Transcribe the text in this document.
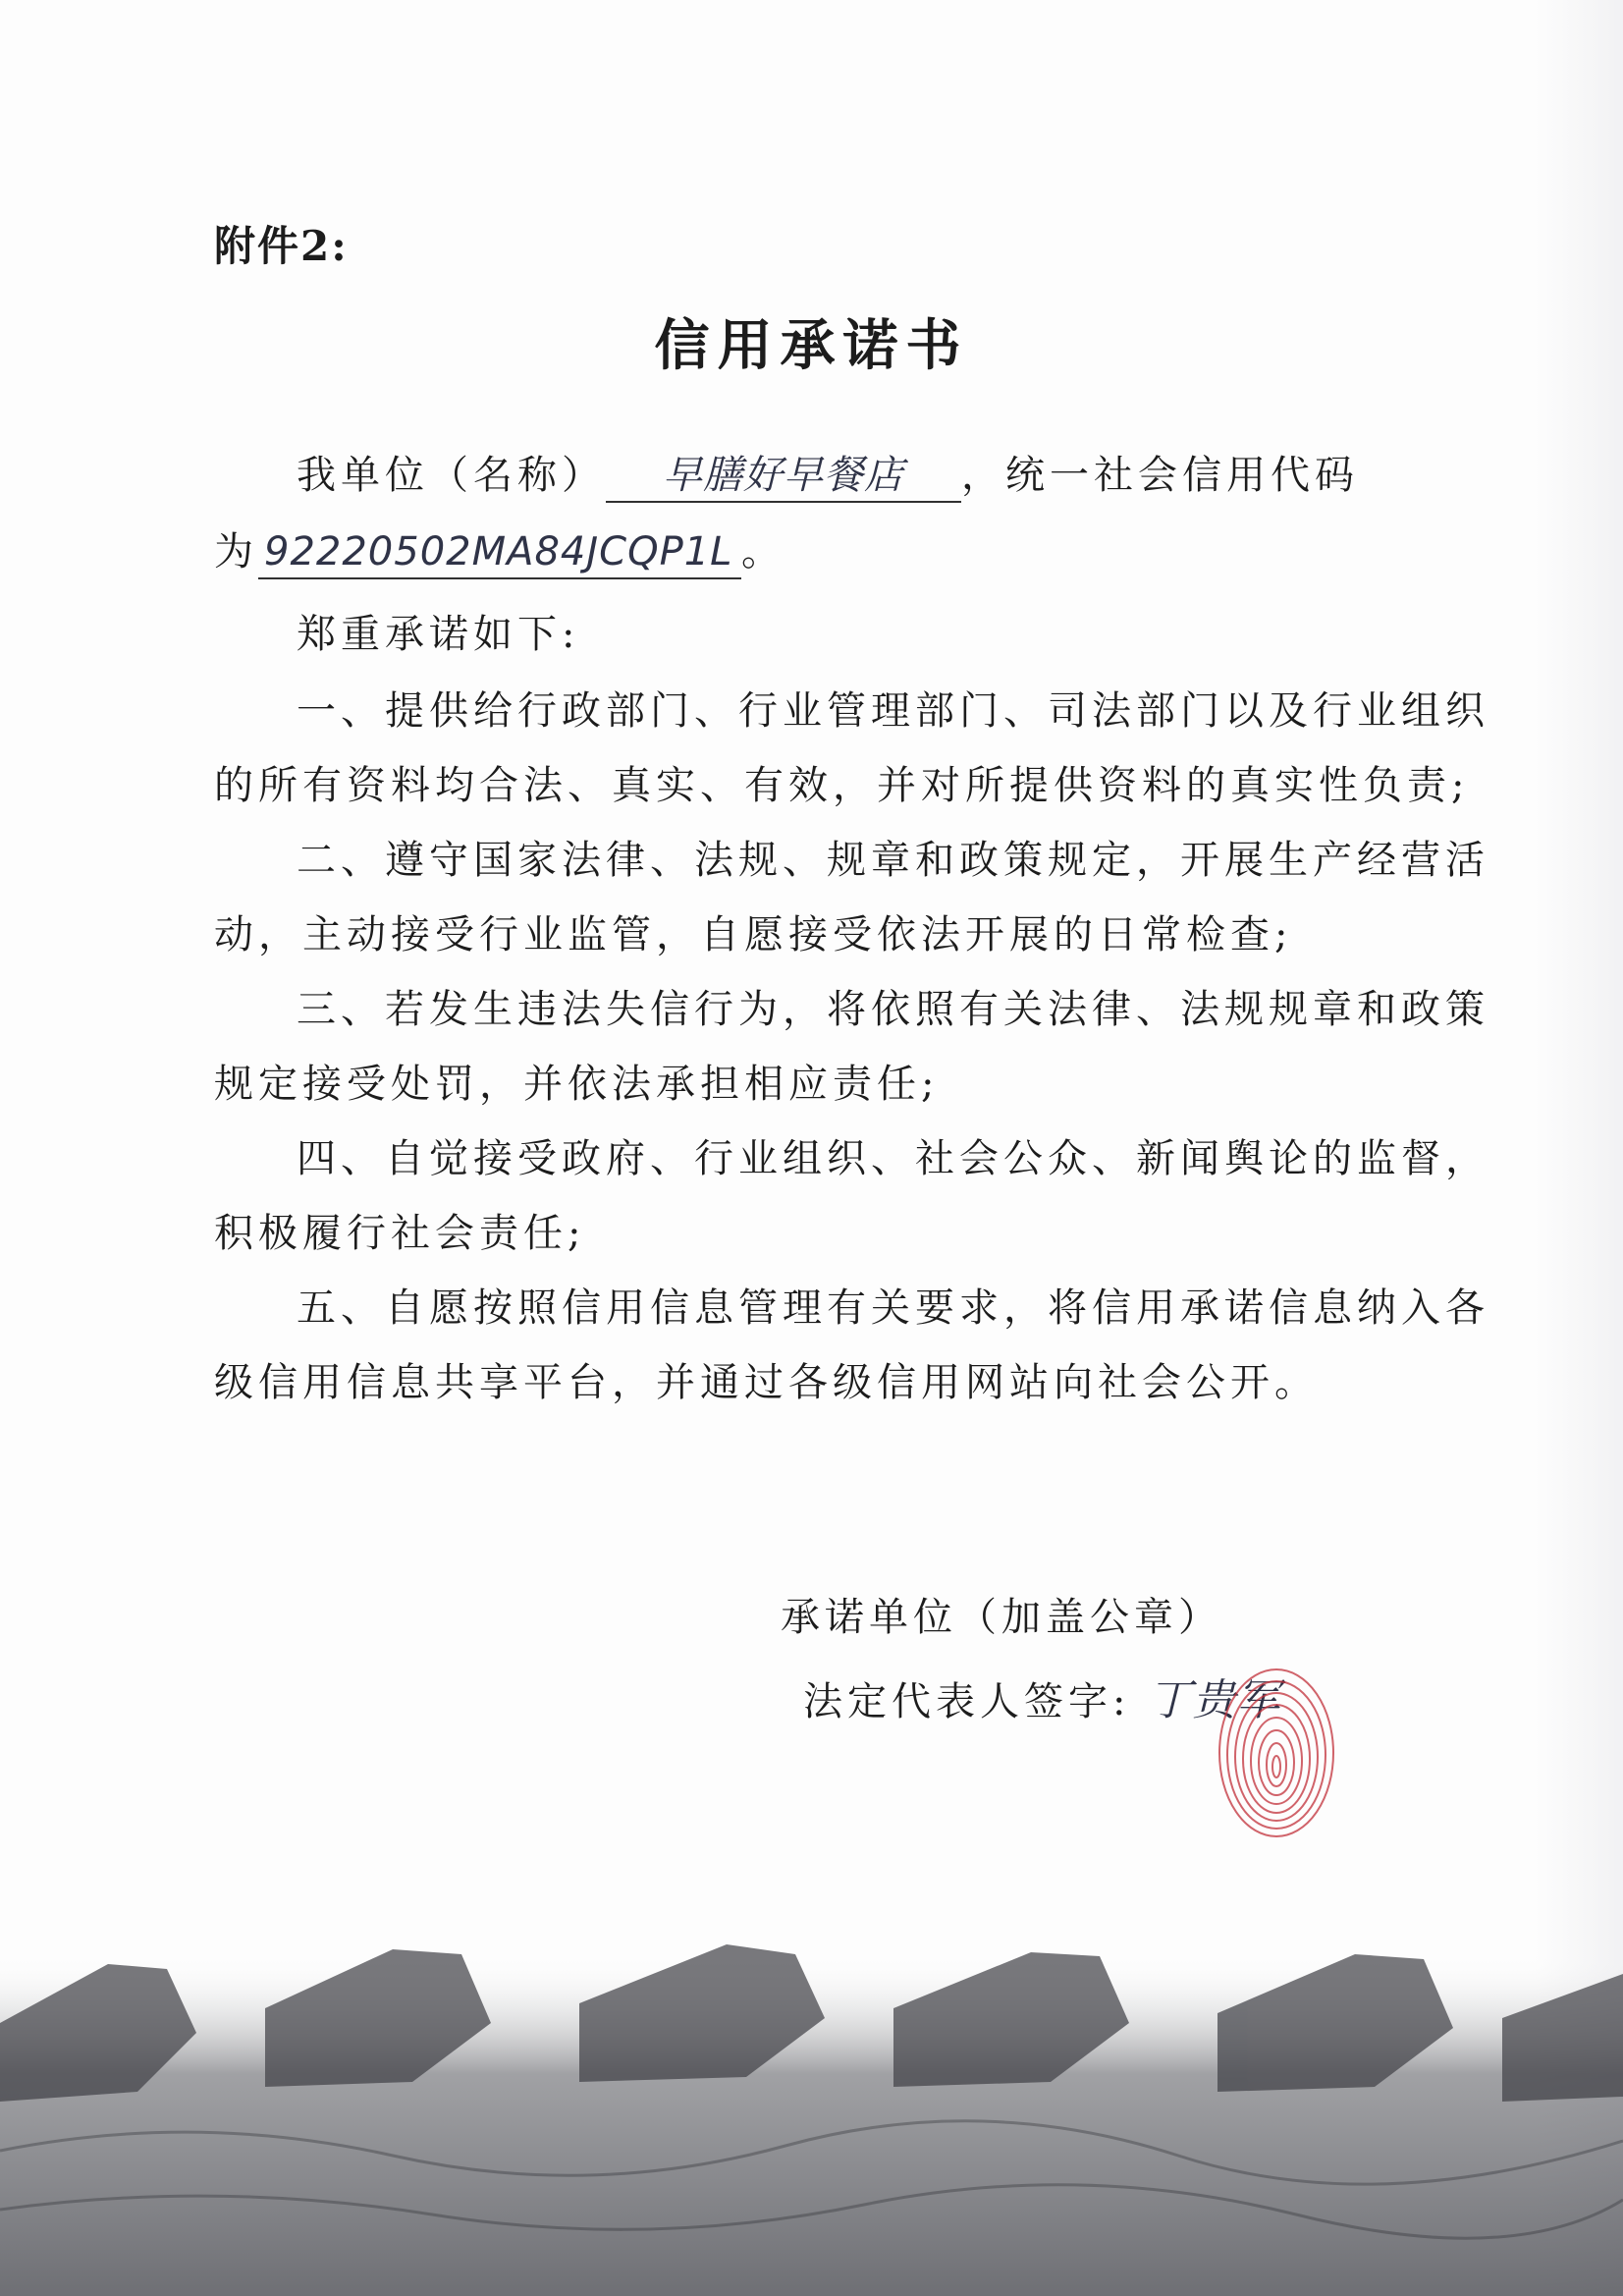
附件2:
信用承诺书
我单位（名称） 早膳好早餐店 ，统一社会信用代码
为 92220502MA84JCQP1L 。
郑重承诺如下:
一、提供给行政部门、行业管理部门、司法部门以及行业组织
的所有资料均合法、真实、有效，并对所提供资料的真实性负责;
二、遵守国家法律、法规、规章和政策规定，开展生产经营活
动，主动接受行业监管，自愿接受依法开展的日常检查;
三、若发生违法失信行为，将依照有关法律、法规规章和政策
规定接受处罚，并依法承担相应责任;
四、自觉接受政府、行业组织、社会公众、新闻舆论的监督，
积极履行社会责任;
五、自愿按照信用信息管理有关要求，将信用承诺信息纳入各
级信用信息共享平台，并通过各级信用网站向社会公开。
承诺单位（加盖公章）
法定代表人签字: 丁贵军
